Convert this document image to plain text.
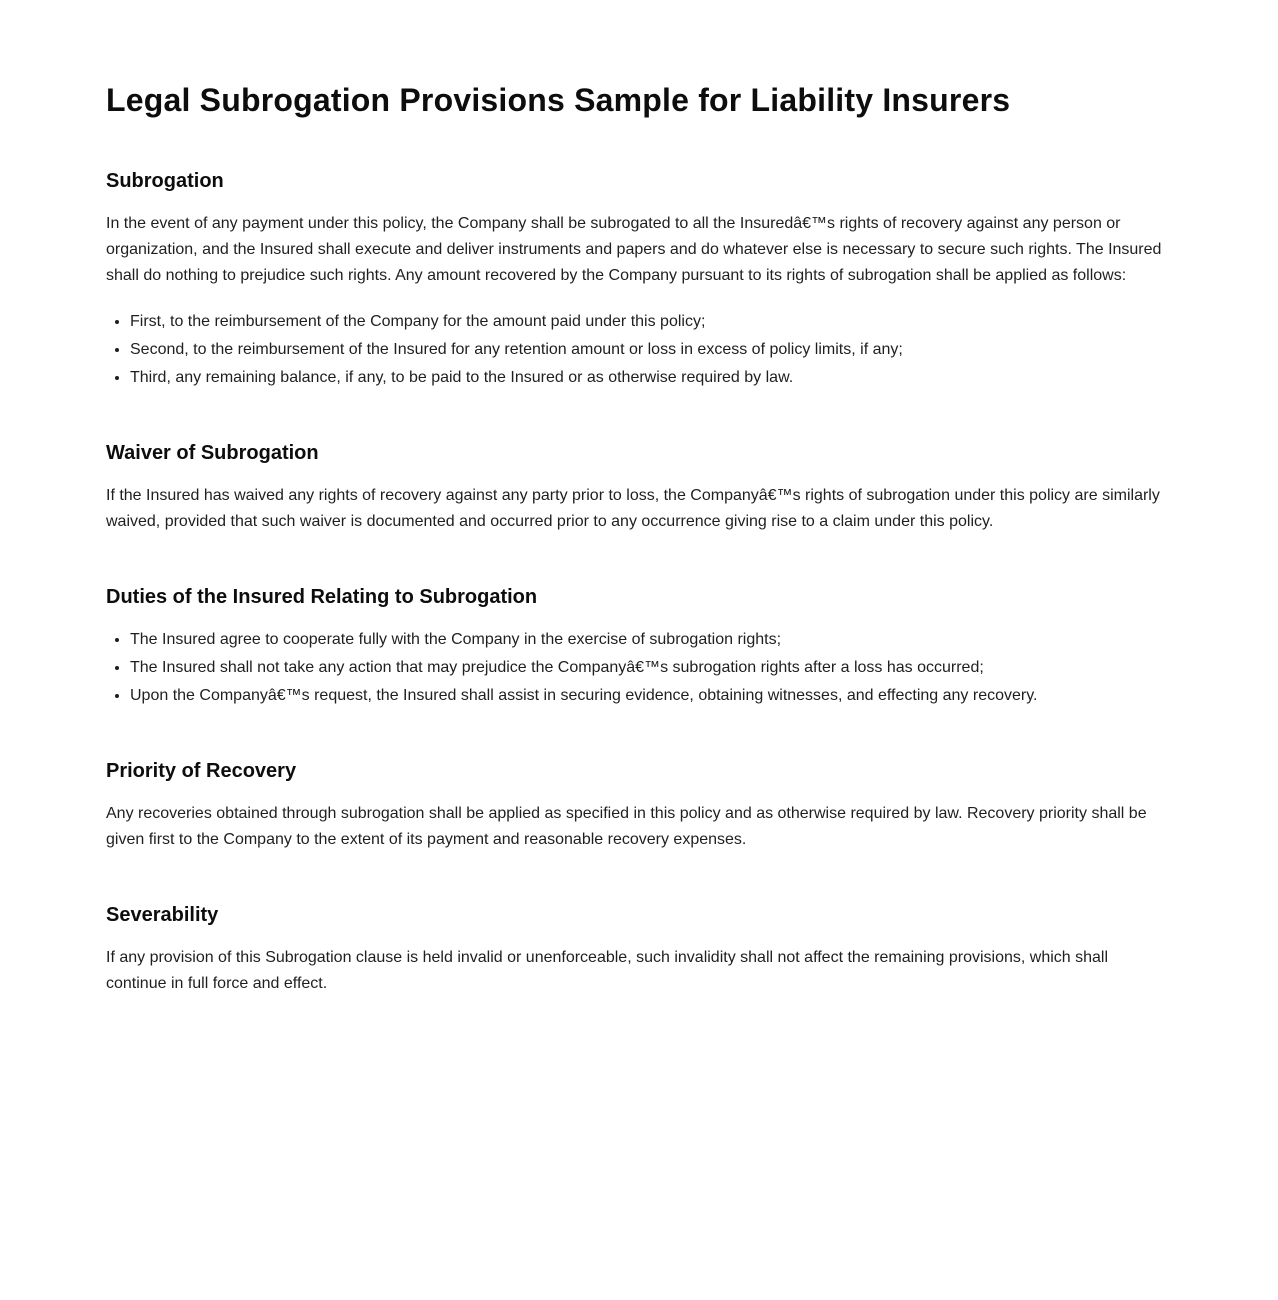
Legal Subrogation Provisions Sample for Liability Insurers
Subrogation

In the event of any payment under this policy, the Company shall be subrogated to all the Insuredâ€™s rights of recovery against any person or organization, and the Insured shall execute and deliver instruments and papers and do whatever else is necessary to secure such rights. The Insured shall do nothing to prejudice such rights. Any amount recovered by the Company pursuant to its rights of subrogation shall be applied as follows:

• First, to the reimbursement of the Company for the amount paid under this policy;
• Second, to the reimbursement of the Insured for any retention amount or loss in excess of policy limits, if any;
• Third, any remaining balance, if any, to be paid to the Insured or as otherwise required by law.
Waiver of Subrogation

If the Insured has waived any rights of recovery against any party prior to loss, the Companyâ€™s rights of subrogation under this policy are similarly waived, provided that such waiver is documented and occurred prior to any occurrence giving rise to a claim under this policy.

Duties of the Insured Relating to Subrogation
• The Insured agree to cooperate fully with the Company in the exercise of subrogation rights;
• The Insured shall not take any action that may prejudice the Companyâ€™s subrogation rights after a loss has occurred;
• Upon the Companyâ€™s request, the Insured shall assist in securing evidence, obtaining witnesses, and effecting any recovery.
Priority of Recovery

Any recoveries obtained through subrogation shall be applied as specified in this policy and as otherwise required by law. Recovery priority shall be given first to the Company to the extent of its payment and reasonable recovery expenses.

Severability

If any provision of this Subrogation clause is held invalid or unenforceable, such invalidity shall not affect the remaining provisions, which shall continue in full force and effect.
